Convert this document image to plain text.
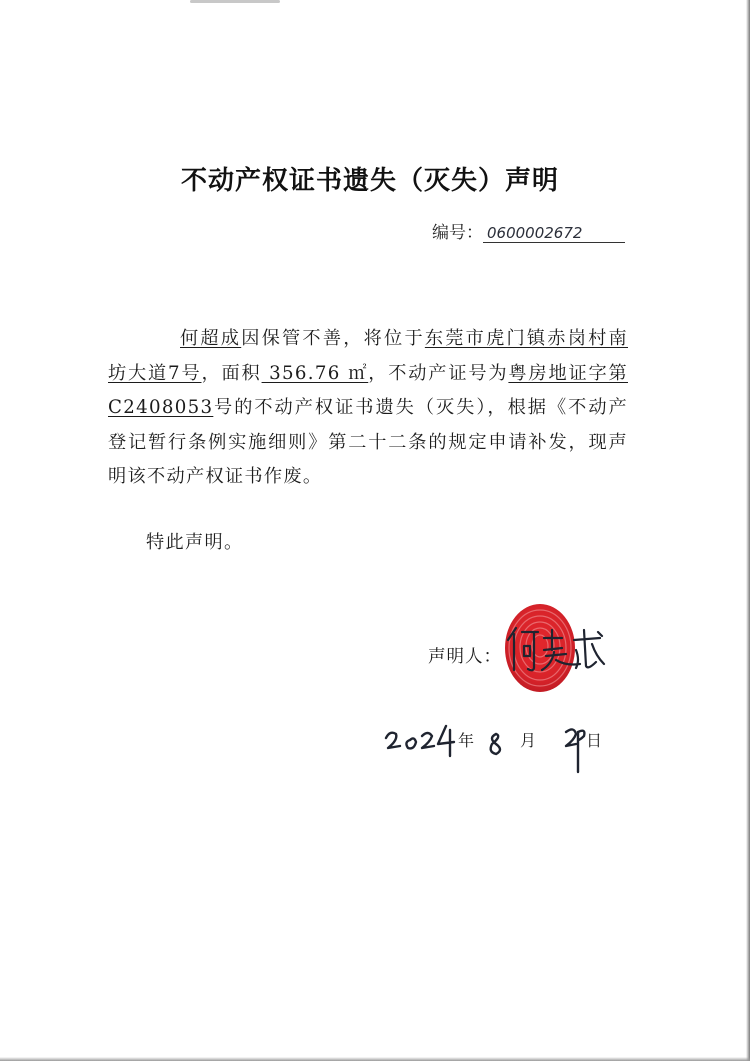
不动产权证书遗失（灭失）声明
编号： 0600002672
何超成因保管不善，将位于东莞市虎门镇赤岗村南坊大道7号，面积 356.76 ㎡，不动产证号为粤房地证字第C2408053号的不动产权证书遗失（灭失），根据《不动产登记暂行条例实施细则》第二十二条的规定申请补发，现声明该不动产权证书作废。
特此声明。
声明人：
年	月	日
